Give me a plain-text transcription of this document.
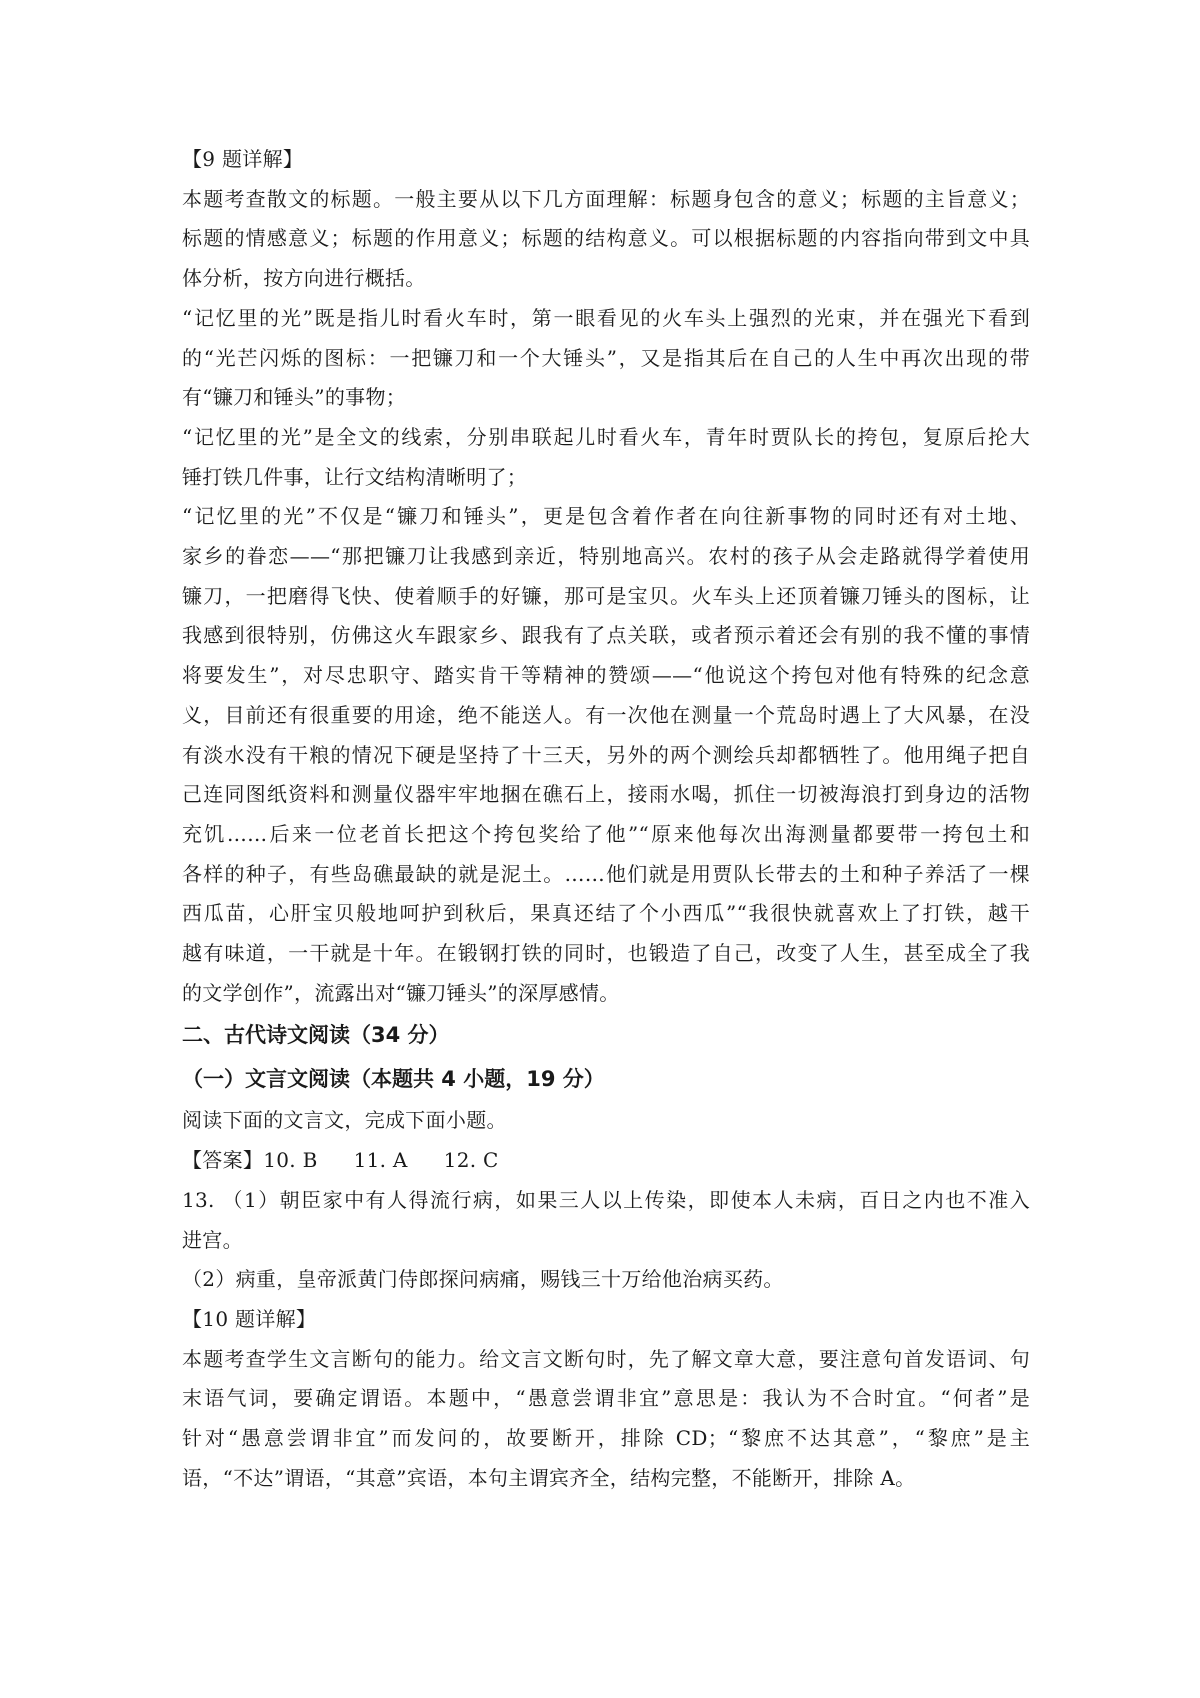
【9 题详解】

本题考查散文的标题。一般主要从以下几方面理解：标题身包含的意义；标题的主旨意义；
标题的情感意义；标题的作用意义；标题的结构意义。可以根据标题的内容指向带到文中具
体分析，按方向进行概括。

“记忆里的光”既是指儿时看火车时，第一眼看见的火车头上强烈的光束，并在强光下看到
的“光芒闪烁的图标：一把镰刀和一个大锤头”，又是指其后在自己的人生中再次出现的带
有“镰刀和锤头”的事物；

“记忆里的光”是全文的线索，分别串联起儿时看火车，青年时贾队长的挎包，复原后抡大
锤打铁几件事，让行文结构清晰明了；

“记忆里的光”不仅是“镰刀和锤头”，更是包含着作者在向往新事物的同时还有对土地、
家乡的眷恋——“那把镰刀让我感到亲近，特别地高兴。农村的孩子从会走路就得学着使用
镰刀，一把磨得飞快、使着顺手的好镰，那可是宝贝。火车头上还顶着镰刀锤头的图标，让
我感到很特别，仿佛这火车跟家乡、跟我有了点关联，或者预示着还会有别的我不懂的事情
将要发生”，对尽忠职守、踏实肯干等精神的赞颂——“他说这个挎包对他有特殊的纪念意
义，目前还有很重要的用途，绝不能送人。有一次他在测量一个荒岛时遇上了大风暴，在没
有淡水没有干粮的情况下硬是坚持了十三天，另外的两个测绘兵却都牺牲了。他用绳子把自
己连同图纸资料和测量仪器牢牢地捆在礁石上，接雨水喝，抓住一切被海浪打到身边的活物
充饥……后来一位老首长把这个挎包奖给了他”“原来他每次出海测量都要带一挎包土和
各样的种子，有些岛礁最缺的就是泥土。……他们就是用贾队长带去的土和种子养活了一棵
西瓜苗，心肝宝贝般地呵护到秋后，果真还结了个小西瓜”“我很快就喜欢上了打铁，越干
越有味道，一干就是十年。在锻钢打铁的同时，也锻造了自己，改变了人生，甚至成全了我
的文学创作”，流露出对“镰刀锤头”的深厚感情。

二、古代诗文阅读（34 分）
（一）文言文阅读（本题共 4 小题，19 分）

阅读下面的文言文，完成下面小题。

【答案】10. B 11. A 12. C

13. （1）朝臣家中有人得流行病，如果三人以上传染，即使本人未病，百日之内也不准入
进宫。

（2）病重，皇帝派黄门侍郎探问病痛，赐钱三十万给他治病买药。

【10 题详解】

本题考查学生文言断句的能力。给文言文断句时，先了解文章大意，要注意句首发语词、句
末语气词，要确定谓语。本题中，“愚意尝谓非宜”意思是：我认为不合时宜。“何者”是
针对“愚意尝谓非宜”而发问的，故要断开，排除 CD；“黎庶不达其意”，“黎庶”是主
语，“不达”谓语，“其意”宾语，本句主谓宾齐全，结构完整，不能断开，排除 A。
